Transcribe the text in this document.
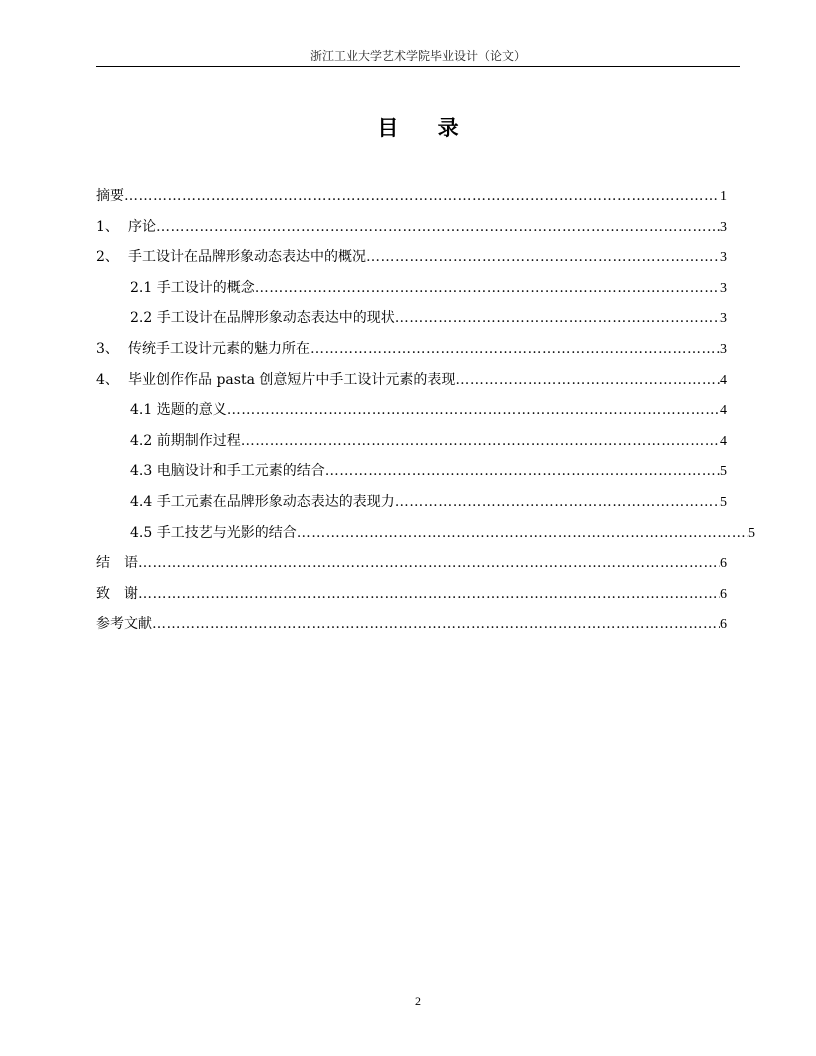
浙江工业大学艺术学院毕业设计（论文）
目 录
摘要 ………………………………………………………………………………………………………………………………………………………………………………………………………………	1
1、 序论 ………………………………………………………………………………………………………………………………………………………………………………………………………………	3
2、 手工设计在品牌形象动态表达中的概况 ………………………………………………………………………………………………………………………………………………………………………………………………………………	3
2.1 手工设计的概念 ………………………………………………………………………………………………………………………………………………………………………………………………………………	3
2.2 手工设计在品牌形象动态表达中的现状 ………………………………………………………………………………………………………………………………………………………………………………………………………………	3
3、 传统手工设计元素的魅力所在 ………………………………………………………………………………………………………………………………………………………………………………………………………………	3
4、 毕业创作作品 pasta 创意短片中手工设计元素的表现 ………………………………………………………………………………………………………………………………………………………………………………………………………………	4
4.1 选题的意义 ………………………………………………………………………………………………………………………………………………………………………………………………………………	4
4.2 前期制作过程 ………………………………………………………………………………………………………………………………………………………………………………………………………………	4
4.3 电脑设计和手工元素的结合 ………………………………………………………………………………………………………………………………………………………………………………………………………………	5
4.4 手工元素在品牌形象动态表达的表现力 ………………………………………………………………………………………………………………………………………………………………………………………………………………	5
4.5 手工技艺与光影的结合 ………………………………………………………………………………………………………………………………………………………………………………………………………………	5
结　语 ………………………………………………………………………………………………………………………………………………………………………………………………………………	6
致　谢 ………………………………………………………………………………………………………………………………………………………………………………………………………………	6
参考文献 ………………………………………………………………………………………………………………………………………………………………………………………………………………	6
2
